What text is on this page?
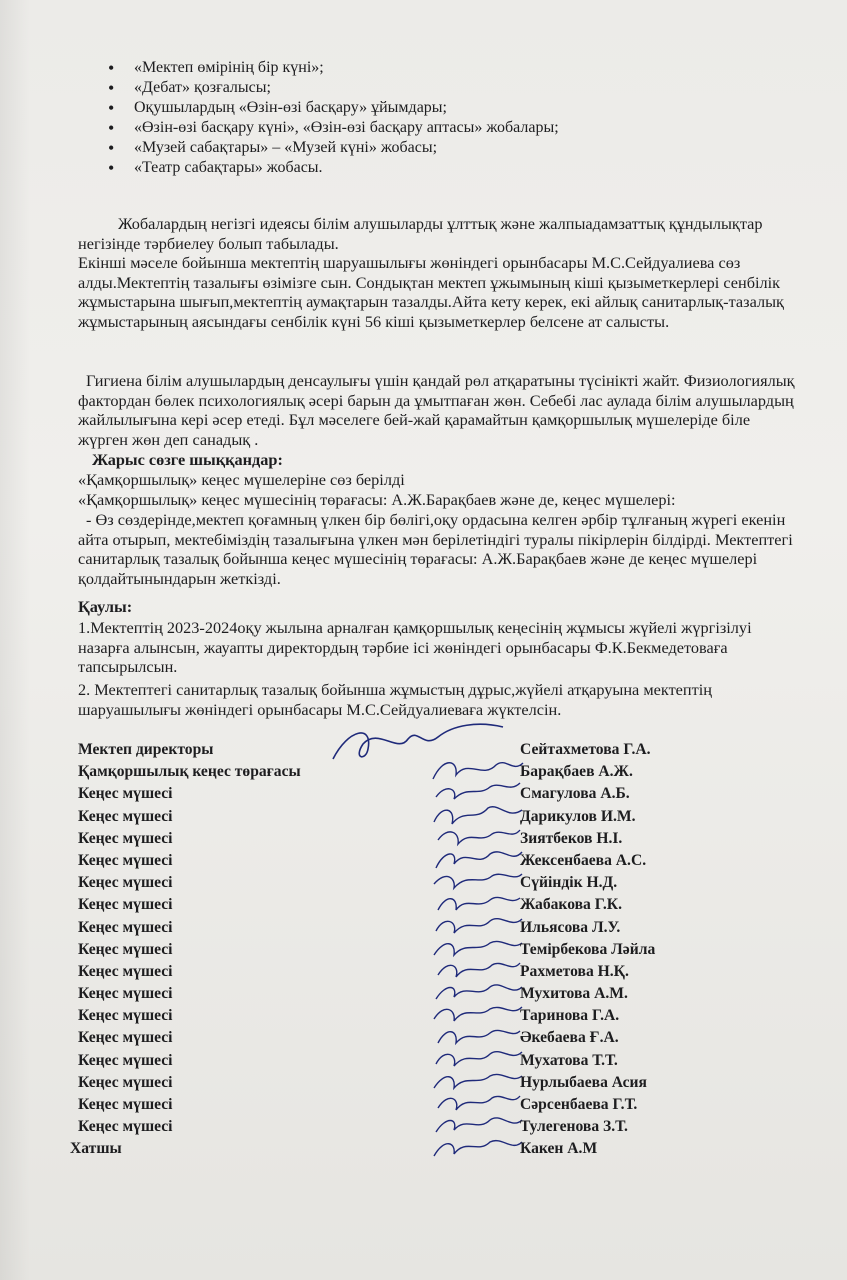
• «Мектеп өмірінің бір күні»;
• «Дебат» қозғалысы;
• Оқушылардың «Өзін-өзі басқару» ұйымдары;
• «Өзін-өзі басқару күні», «Өзін-өзі басқару аптасы» жобалары;
• «Музей сабақтары» – «Музей күні» жобасы;
• «Театр сабақтары» жобасы.

Жобалардың негізгі идеясы білім алушыларды ұлттық және жалпыадамзаттық құндылықтар негізінде тәрбиелеу болып табылады.

Екінші мәселе бойынша мектептің шаруашылығы жөніндегі орынбасары М.С.Сейдуалиева сөз алды.Мектептің тазалығы өзімізге сын. Сондықтан мектеп ұжымының кіші қызыметкерлері сенбілік жұмыстарына шығып,мектептің аумақтарын тазалды.Айта кету керек, екі айлық санитарлық-тазалық жұмыстарының аясындағы сенбілік күні 56 кіші қызыметкерлер белсене ат салысты.

Гигиена білім алушылардың денсаулығы үшін қандай рөл атқаратыны түсінікті жайт. Физиологиялық фактордан бөлек психологиялық әсері барын да ұмытпаған жөн. Себебі лас аулада білім алушылардың жайлылығына кері әсер етеді. Бұл мәселеге бей-жай қарамайтын қамқоршылық мүшелеріде біле жүрген жөн деп санадық .

Жарыс сөзге шыққандар:

«Қамқоршылық» кеңес мүшелеріне сөз берілді

«Қамқоршылық» кеңес мүшесінің төрағасы: А.Ж.Барақбаев және де, кеңес мүшелері:

- Өз сөздерінде,мектеп қоғамның үлкен бір бөлігі,оқу ордасына келген әрбір тұлғаның жүрегі екенін айта отырып, мектебіміздің тазалығына үлкен мән берілетіндігі туралы пікірлерін білдірді. Мектептегі санитарлық тазалық бойынша кеңес мүшесінің төрағасы: А.Ж.Барақбаев және де кеңес мүшелері қолдайтынындарын жеткізді.

Қаулы:

1.Мектептің 2023-2024оқу жылына арналған қамқоршылық кеңесінің жұмысы жүйелі жүргізілуі назарға алынсын, жауапты директордың тәрбие ісі жөніндегі орынбасары Ф.К.Бекмедетоваға тапсырылсын.

2. Мектептегі санитарлық тазалық бойынша жұмыстың дұрыс,жүйелі атқаруына мектептің шаруашылығы жөніндегі орынбасары М.С.Сейдуалиеваға жүктелсін.

Мектеп директоры	Сейтахметова Г.А.
Қамқоршылық кеңес төрағасы	Барақбаев А.Ж.
Кеңес мүшесі	Смагулова А.Б.
Кеңес мүшесі	Дарикулов И.М.
Кеңес мүшесі	Зиятбеков Н.І.
Кеңес мүшесі	Жексенбаева А.С.
Кеңес мүшесі	Сүйіндік Н.Д.
Кеңес мүшесі	Жабакова Г.К.
Кеңес мүшесі	Ильясова Л.У.
Кеңес мүшесі	Темірбекова Ләйла
Кеңес мүшесі	Рахметова Н.Қ.
Кеңес мүшесі	Мухитова А.М.
Кеңес мүшесі	Таринова Г.А.
Кеңес мүшесі	Әкебаева Ғ.А.
Кеңес мүшесі	Мухатова Т.Т.
Кеңес мүшесі	Нурлыбаева Асия
Кеңес мүшесі	Сәрсенбаева Г.Т.
Кеңес мүшесі	Тулегенова З.Т.
Хатшы	Какен А.М
